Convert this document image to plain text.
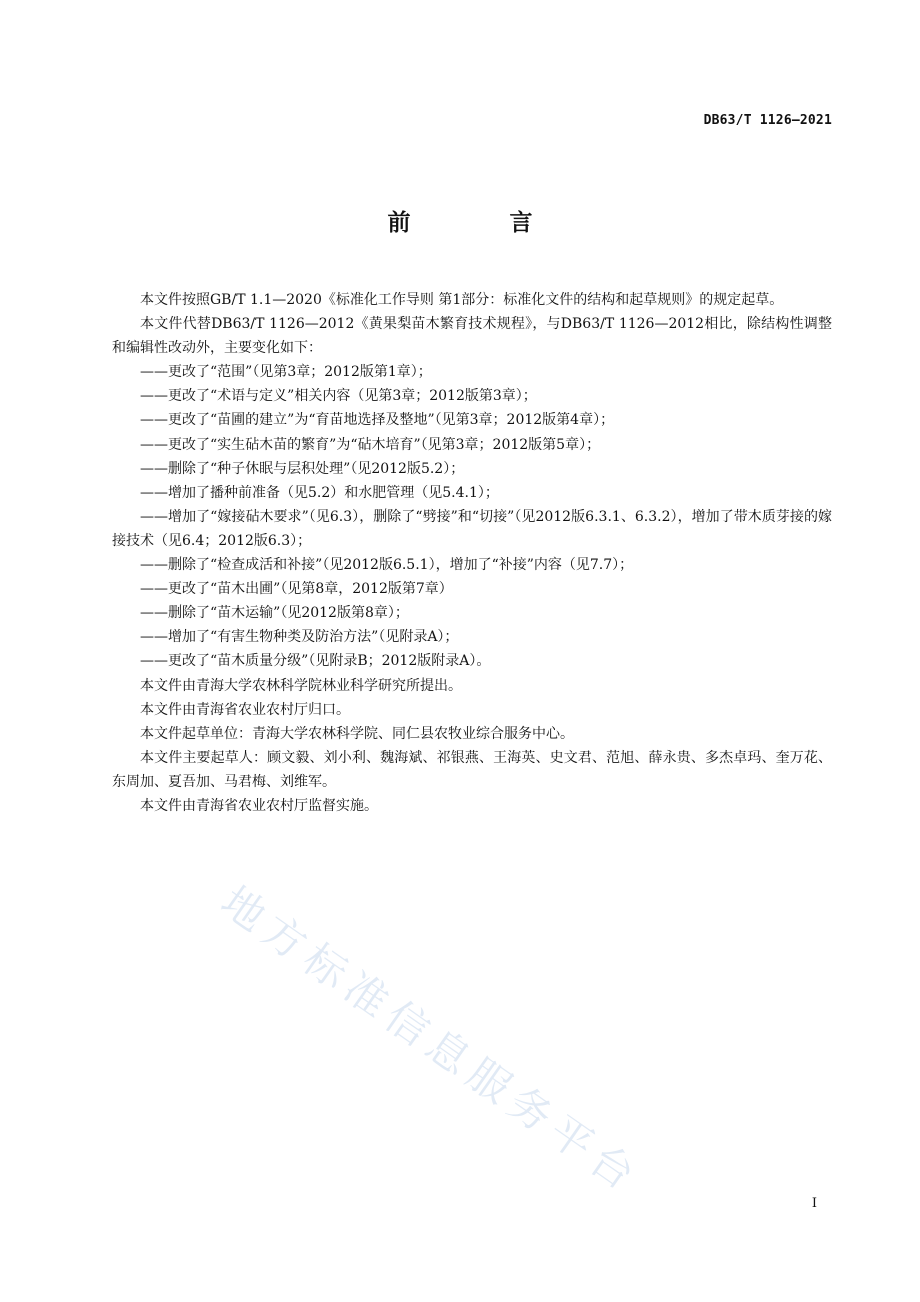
DB63/T 1126—2021
前　言

本文件按照GB/T 1.1—2020《标准化工作导则 第1部分：标准化文件的结构和起草规则》的规定起草。

本文件代替DB63/T 1126—2012《黄果梨苗木繁育技术规程》，与DB63/T 1126—2012相比，除结构性调整和编辑性改动外，主要变化如下：

——更改了“范围”（见第3章；2012版第1章）；

——更改了“术语与定义”相关内容（见第3章；2012版第3章）；

——更改了“苗圃的建立”为“育苗地选择及整地”（见第3章；2012版第4章）；

——更改了“实生砧木苗的繁育”为“砧木培育”（见第3章；2012版第5章）；

——删除了“种子休眠与层积处理”（见2012版5.2）；

——增加了播种前准备（见5.2）和水肥管理（见5.4.1）；

——增加了“嫁接砧木要求”（见6.3），删除了“劈接”和“切接”（见2012版6.3.1、6.3.2），增加了带木质芽接的嫁接技术（见6.4；2012版6.3）；

——删除了“检查成活和补接”（见2012版6.5.1），增加了“补接”内容（见7.7）；

——更改了“苗木出圃”（见第8章，2012版第7章）

——删除了“苗木运输”（见2012版第8章）；

——增加了“有害生物种类及防治方法”（见附录A）；

——更改了“苗木质量分级”（见附录B；2012版附录A）。

本文件由青海大学农林科学院林业科学研究所提出。

本文件由青海省农业农村厅归口。

本文件起草单位：青海大学农林科学院、同仁县农牧业综合服务中心。

本文件主要起草人：顾文毅、刘小利、魏海斌、祁银燕、王海英、史文君、范旭、薛永贵、多杰卓玛、奎万花、东周加、夏吾加、马君梅、刘维军。

本文件由青海省农业农村厅监督实施。

地方标准信息服务平台
I
